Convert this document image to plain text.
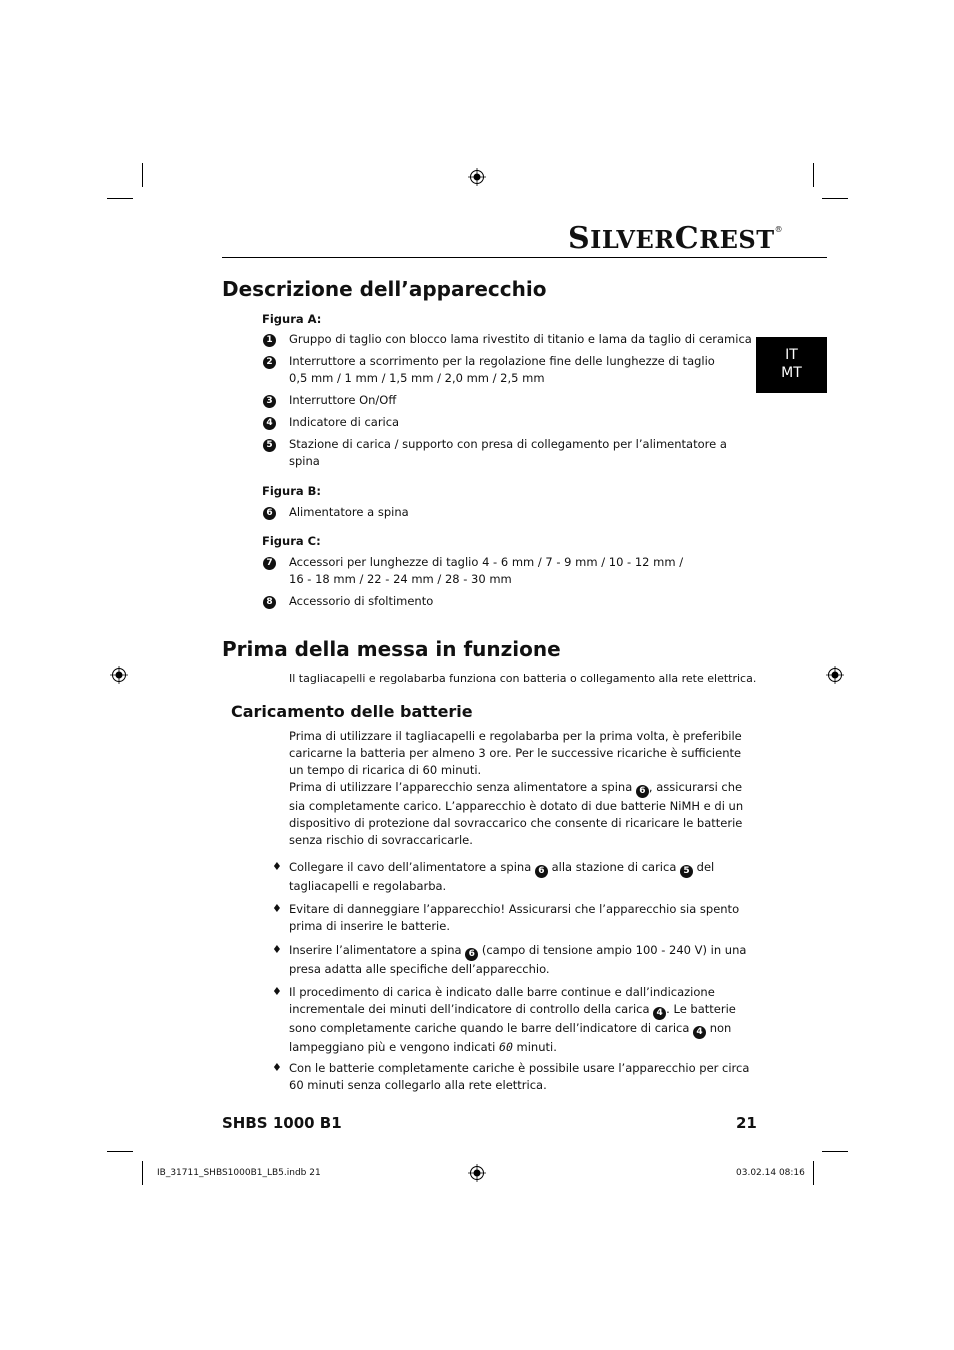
SILVERCREST®
IT
MT
Descrizione dell’apparecchio
Figura A:
1 Gruppo di taglio con blocco lama rivestito di titanio e lama da taglio di ceramica
2 Interruttore a scorrimento per la regolazione fine delle lunghezze di taglio
0,5 mm / 1 mm / 1,5 mm / 2,0 mm / 2,5 mm
3 Interruttore On/Off
4 Indicatore di carica
5 Stazione di carica / supporto con presa di collegamento per l’alimentatore a
spina
Figura B:
6 Alimentatore a spina
Figura C:
7 Accessori per lunghezze di taglio 4 - 6 mm / 7 - 9 mm / 10 - 12 mm /
16 - 18 mm / 22 - 24 mm / 28 - 30 mm
8 Accessorio di sfoltimento
Prima della messa in funzione
Il tagliacapelli e regolabarba funziona con batteria o collegamento alla rete elettrica.
Caricamento delle batterie
Prima di utilizzare il tagliacapelli e regolabarba per la prima volta, è preferibile
caricarne la batteria per almeno 3 ore. Per le successive ricariche è sufficiente
un tempo di ricarica di 60 minuti.
Prima di utilizzare l’apparecchio senza alimentatore a spina 6 , assicurarsi che
sia completamente carico. L’apparecchio è dotato di due batterie NiMH e di un
dispositivo di protezione dal sovraccarico che consente di ricaricare le batterie
senza rischio di sovraccaricarle.
♦ Collegare il cavo dell’alimentatore a spina 6 alla stazione di carica 5 del
tagliacapelli e regolabarba.
♦ Evitare di danneggiare l’apparecchio! Assicurarsi che l’apparecchio sia spento
prima di inserire le batterie.
♦ Inserire l’alimentatore a spina 6 (campo di tensione ampio 100 - 240 V) in una
presa adatta alle specifiche dell’apparecchio.
♦ Il procedimento di carica è indicato dalle barre continue e dall’indicazione
incrementale dei minuti dell’indicatore di controllo della carica 4 . Le batterie
sono completamente cariche quando le barre dell’indicatore di carica 4 non
lampeggiano più e vengono indicati 60 minuti.
♦ Con le batterie completamente cariche è possibile usare l’apparecchio per circa
60 minuti senza collegarlo alla rete elettrica.
SHBS 1000 B1	21
IB_31711_SHBS1000B1_LB5.indb 21	03.02.14 08:16
